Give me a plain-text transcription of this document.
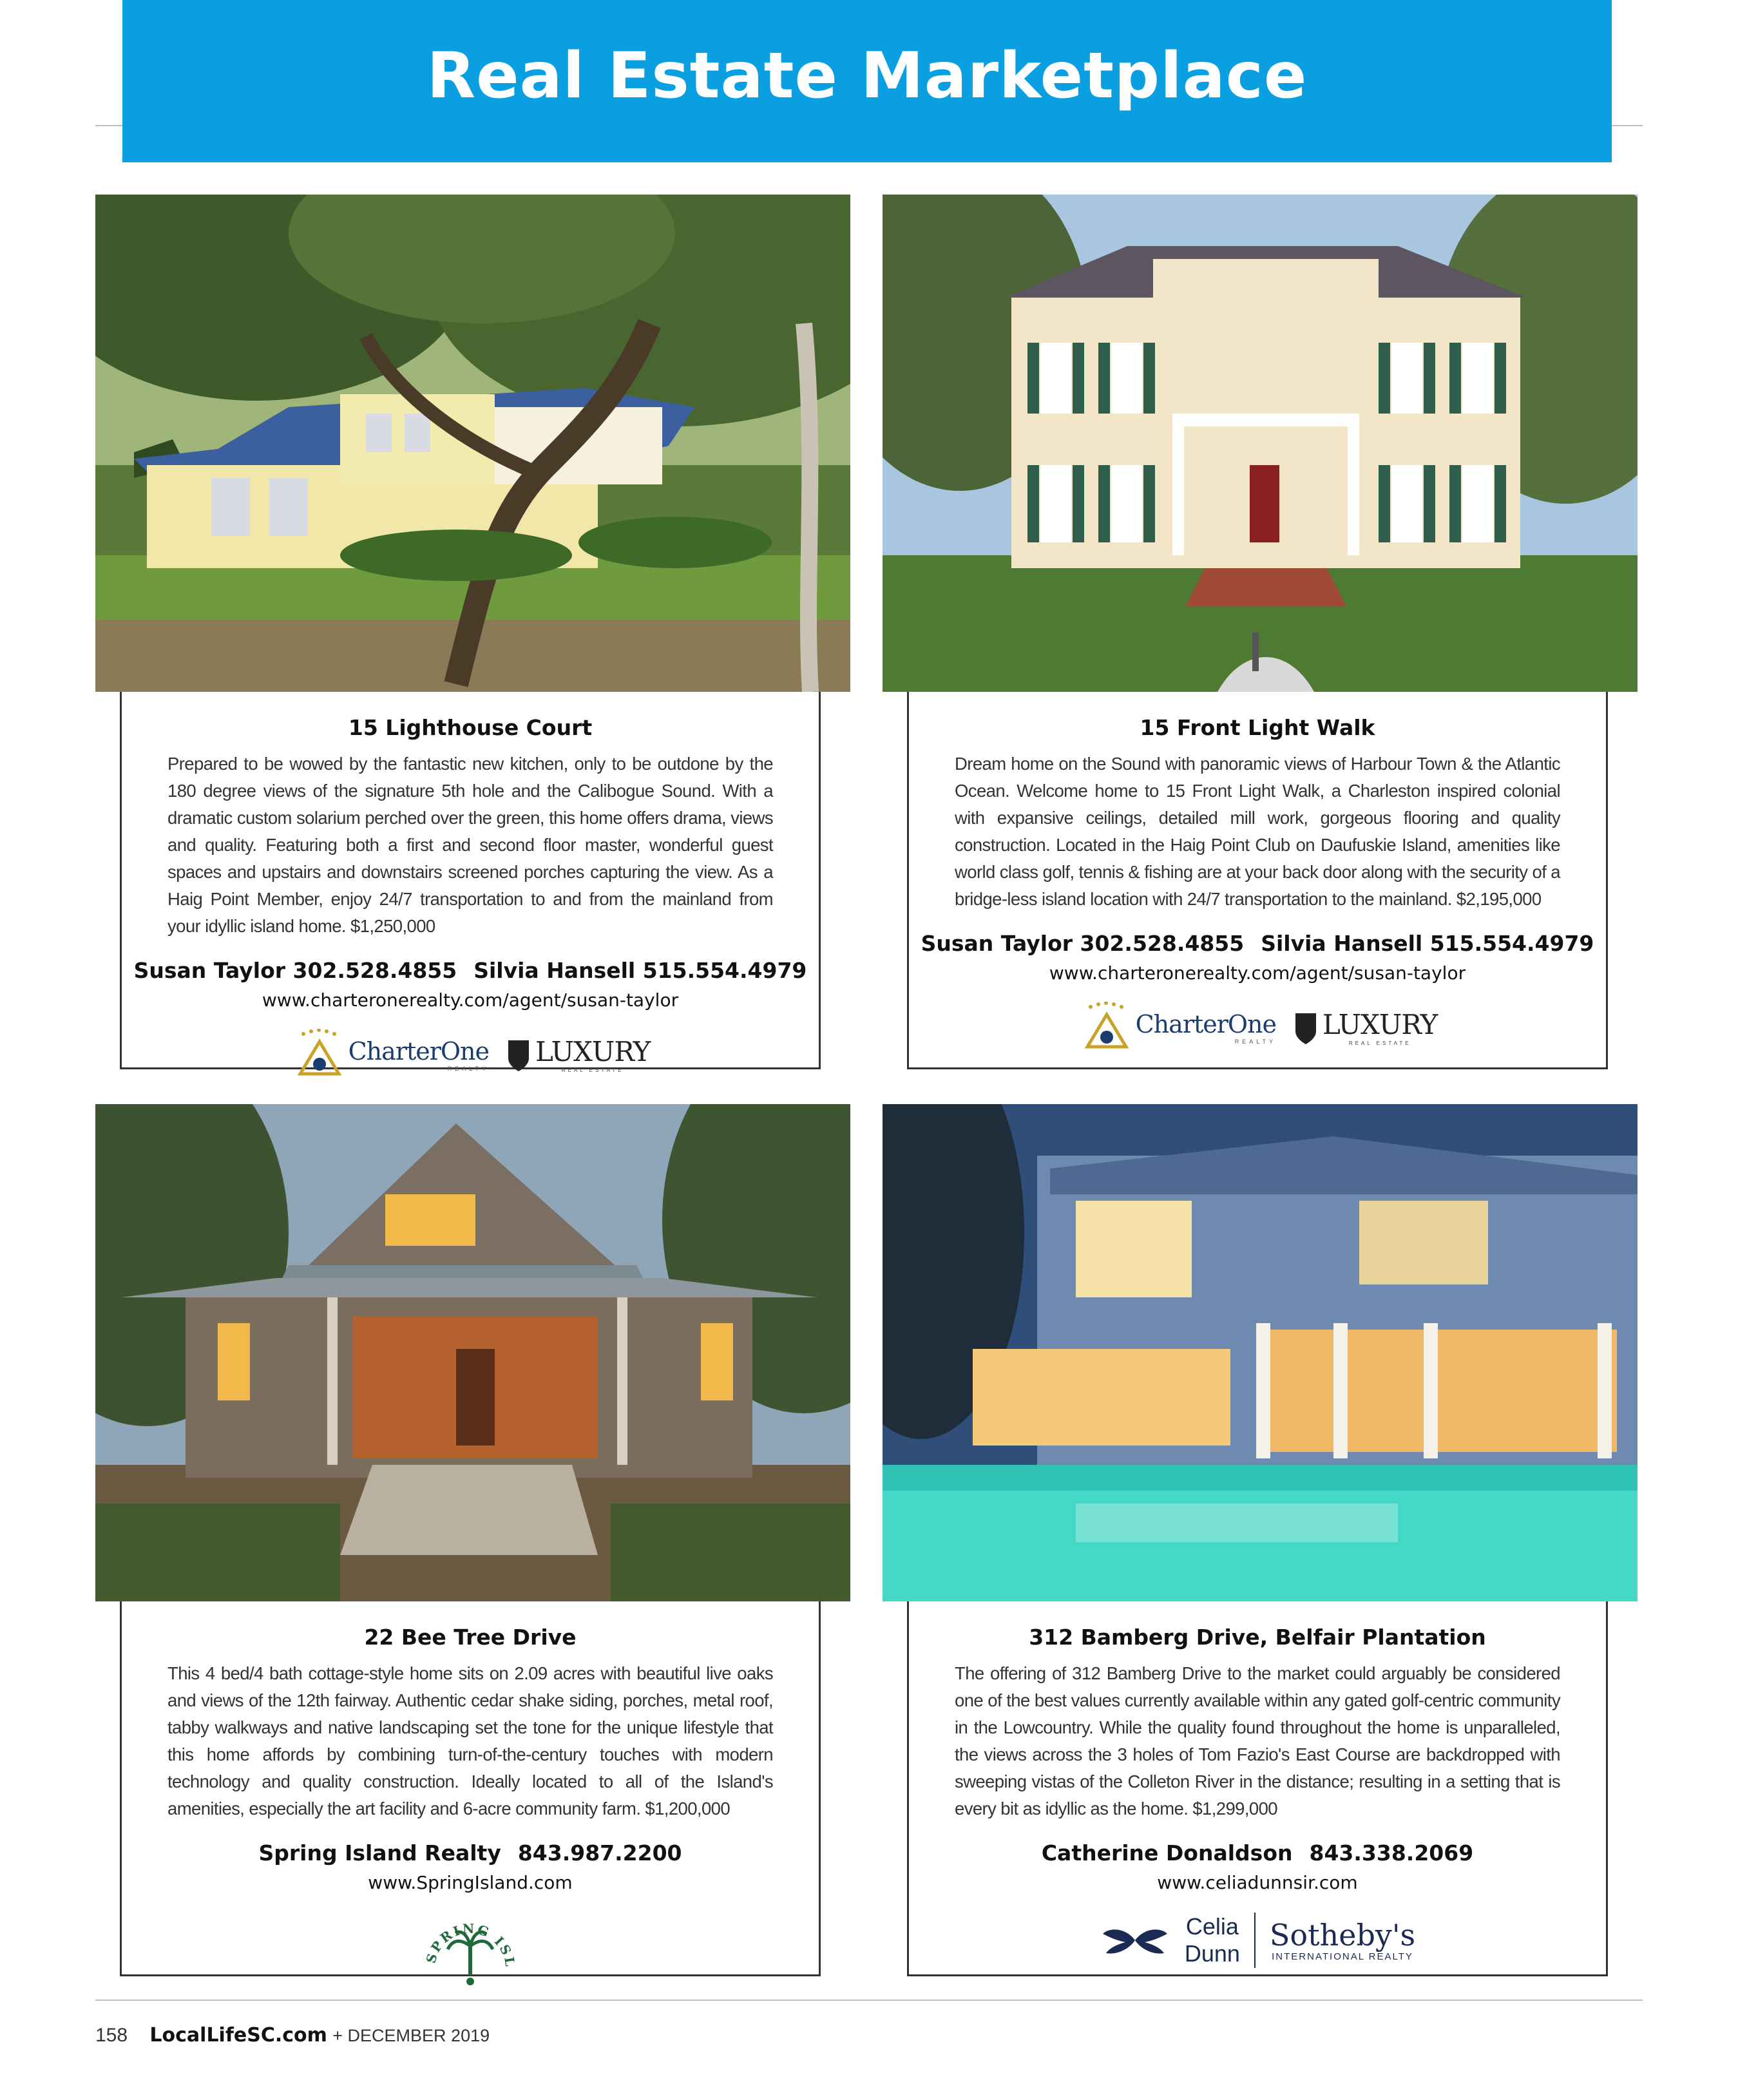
Real Estate Marketplace
15 Lighthouse Court

Prepared to be wowed by the fantastic new kitchen, only to be outdone by the 180 degree views of the signature 5th hole and the Calibogue Sound. With a dramatic custom solarium perched over the green, this home offers drama, views and quality. Featuring both a first and second floor master, wonderful guest spaces and upstairs and downstairs screened porches capturing the view. As a Haig Point Member, enjoy 24/7 transportation to and from the mainland from your idyllic island home. $1,250,000

Susan Taylor 302.528.4855 Silvia Hansell 515.554.4979
www.charteronerealty.com/agent/susan-taylor
CharterOne
REALTY
LUXURY
REAL ESTATE
15 Front Light Walk

Dream home on the Sound with panoramic views of Harbour Town & the Atlantic Ocean. Welcome home to 15 Front Light Walk, a Charleston inspired colonial with expansive ceilings, detailed mill work, gorgeous flooring and quality construction. Located in the Haig Point Club on Daufuskie Island, amenities like world class golf, tennis & fishing are at your back door along with the security of a bridge-less island location with 24/7 transportation to the mainland. $2,195,000

Susan Taylor 302.528.4855 Silvia Hansell 515.554.4979
www.charteronerealty.com/agent/susan-taylor
CharterOne
REALTY
LUXURY
REAL ESTATE
22 Bee Tree Drive

This 4 bed/4 bath cottage-style home sits on 2.09 acres with beautiful live oaks and views of the 12th fairway. Authentic cedar shake siding, porches, metal roof, tabby walkways and native landscaping set the tone for the unique lifestyle that this home affords by combining turn-of-the-century touches with modern technology and quality construction. Ideally located to all of the Island's amenities, especially the art facility and 6-acre community farm. $1,200,000

Spring Island Realty 843.987.2200
www.SpringIsland.com
SPRING ISL
312 Bamberg Drive, Belfair Plantation

The offering of 312 Bamberg Drive to the market could arguably be considered one of the best values currently available within any gated golf-centric community in the Lowcountry. While the quality found throughout the home is unparalleled, the views across the 3 holes of Tom Fazio's East Course are backdropped with sweeping vistas of the Colleton River in the distance; resulting in a setting that is every bit as idyllic as the home. $1,299,000

Catherine Donaldson 843.338.2069
www.celiadunnsir.com
Celia
Dunn
Sotheby's
INTERNATIONAL REALTY
158 LocalLifeSC.com + DECEMBER 2019
